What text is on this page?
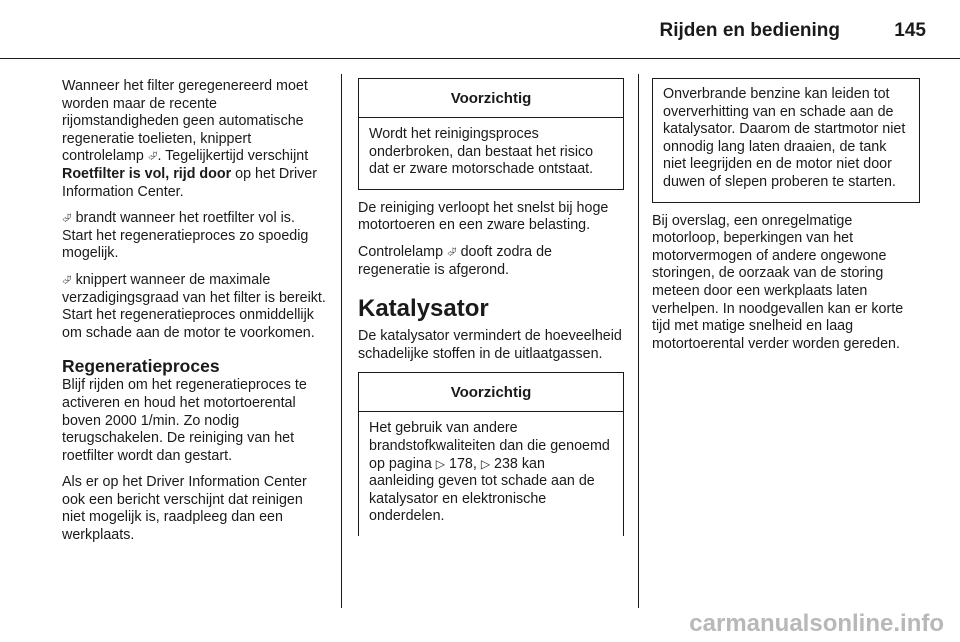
Rijden en bediening	145

Wanneer het filter geregenereerd moet worden maar de recente rijomstandigheden geen automatische regeneratie toelieten, knippert controlelamp ⮰. Tegelijkertijd verschijnt Roetfilter is vol, rijd door op het Driver Information Center.

⮰ brandt wanneer het roetfilter vol is. Start het regeneratieproces zo spoedig mogelijk.

⮰ knippert wanneer de maximale verzadigingsgraad van het filter is bereikt. Start het regeneratieproces onmiddellijk om schade aan de motor te voorkomen.

Regeneratieproces

Blijf rijden om het regeneratieproces te activeren en houd het motortoerental boven 2000 1/min. Zo nodig terugschakelen. De reiniging van het roetfilter wordt dan gestart.

Als er op het Driver Information Center ook een bericht verschijnt dat reinigen niet mogelijk is, raadpleeg dan een werkplaats.

Voorzichtig
Wordt het reinigingsproces onderbroken, dan bestaat het risico dat er zware motorschade ontstaat.

De reiniging verloopt het snelst bij hoge motortoeren en een zware belasting.

Controlelamp ⮰ dooft zodra de regeneratie is afgerond.

Katalysator

De katalysator vermindert de hoeveelheid schadelijke stoffen in de uitlaatgassen.

Voorzichtig
Het gebruik van andere brandstofkwaliteiten dan die genoemd op pagina ▷ 178, ▷ 238 kan aanleiding geven tot schade aan de katalysator en elektronische onderdelen.
Onverbrande benzine kan leiden tot oververhitting van en schade aan de katalysator. Daarom de startmotor niet onnodig lang laten draaien, de tank niet leegrijden en de motor niet door duwen of slepen proberen te starten.

Bij overslag, een onregelmatige motorloop, beperkingen van het motorvermogen of andere ongewone storingen, de oorzaak van de storing meteen door een werkplaats laten verhelpen. In noodgevallen kan er korte tijd met matige snelheid en laag motortoerental verder worden gereden.

carmanualsonline.info
